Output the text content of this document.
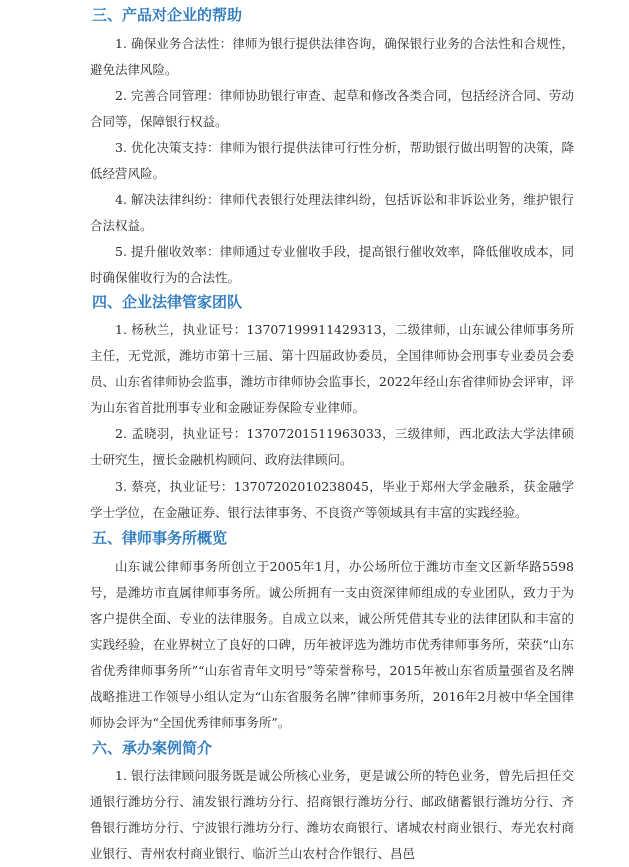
三、产品对企业的帮助

1. 确保业务合法性：律师为银行提供法律咨询，确保银行业务的合法性和合规性，避免法律风险。

2. 完善合同管理：律师协助银行审查、起草和修改各类合同，包括经济合同、劳动合同等，保障银行权益。

3. 优化决策支持：律师为银行提供法律可行性分析，帮助银行做出明智的决策，降低经营风险。

4. 解决法律纠纷：律师代表银行处理法律纠纷，包括诉讼和非诉讼业务，维护银行合法权益。

5. 提升催收效率：律师通过专业催收手段，提高银行催收效率，降低催收成本，同时确保催收行为的合法性。

四、企业法律管家团队

1. 杨秋兰，执业证号：13707199911429313，二级律师，山东诚公律师事务所主任，无党派，潍坊市第十三届、第十四届政协委员，全国律师协会刑事专业委员会委员、山东省律师协会监事，潍坊市律师协会监事长，2022年经山东省律师协会评审，评为山东省首批刑事专业和金融证券保险专业律师。

2. 孟晓羽，执业证号：13707201511963033，三级律师，西北政法大学法律硕士研究生，擅长金融机构顾问、政府法律顾问。

3. 蔡亮，执业证号：13707202010238045，毕业于郑州大学金融系，获金融学学士学位，在金融证券、银行法律事务、不良资产等领域具有丰富的实践经验。

五、律师事务所概览

山东诚公律师事务所创立于2005年1月，办公场所位于潍坊市奎文区新华路5598号，是潍坊市直属律师事务所。诚公所拥有一支由资深律师组成的专业团队，致力于为客户提供全面、专业的法律服务。自成立以来，诚公所凭借其专业的法律团队和丰富的实践经验，在业界树立了良好的口碑，历年被评选为潍坊市优秀律师事务所，荣获“山东省优秀律师事务所”“山东省青年文明号”等荣誉称号，2015年被山东省质量强省及名牌战略推进工作领导小组认定为“山东省服务名牌”律师事务所，2016年2月被中华全国律师协会评为“全国优秀律师事务所”。

六、承办案例简介

1. 银行法律顾问服务既是诚公所核心业务，更是诚公所的特色业务，曾先后担任交通银行潍坊分行、浦发银行潍坊分行、招商银行潍坊分行、邮政储蓄银行潍坊分行、齐鲁银行潍坊分行、宁波银行潍坊分行、潍坊农商银行、诸城农村商业银行、寿光农村商业银行、青州农村商业银行、临沂兰山农村合作银行、昌邑
